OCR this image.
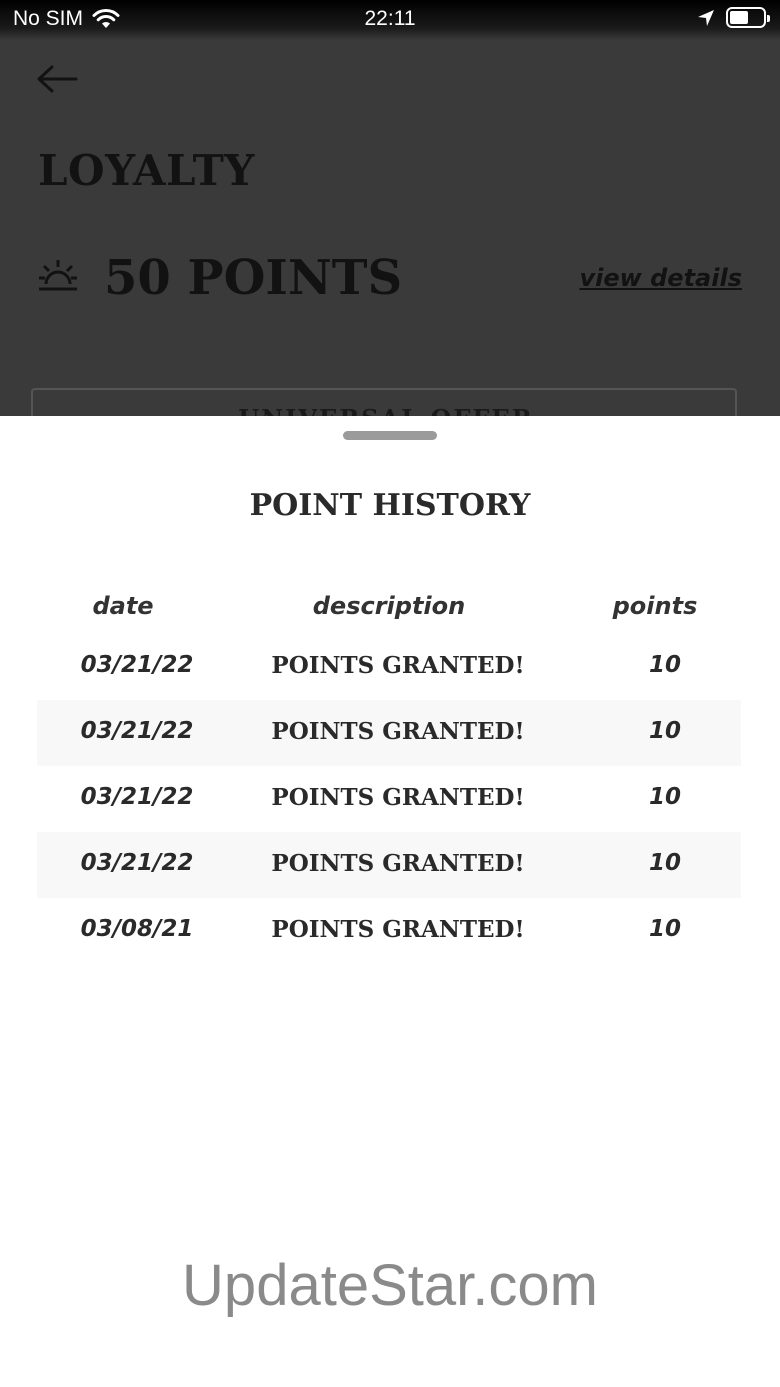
No SIM	22:11
LOYALTY
50 POINTS	view details
POINT HISTORY
date	description	points
03/21/22	POINTS GRANTED!	10
03/21/22	POINTS GRANTED!	10
03/21/22	POINTS GRANTED!	10
03/21/22	POINTS GRANTED!	10
03/08/21	POINTS GRANTED!	10
UpdateStar.com
